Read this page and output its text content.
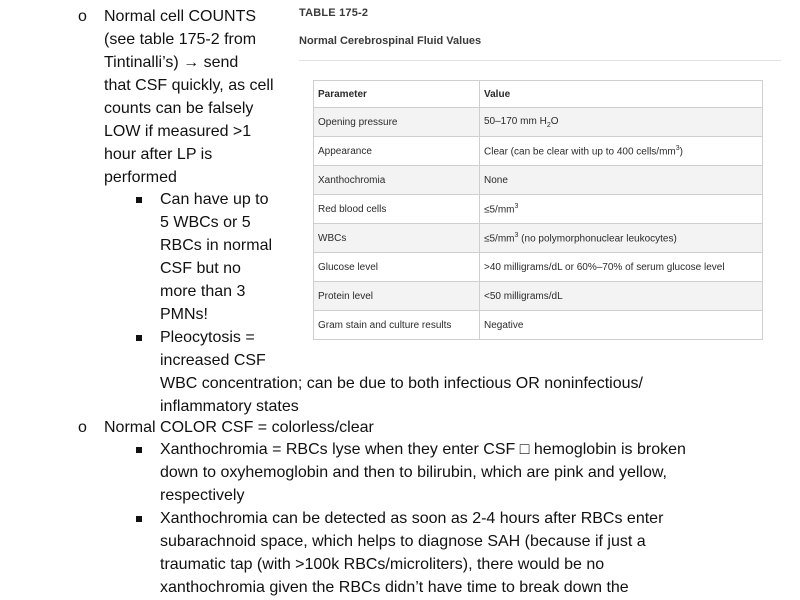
o Normal cell COUNTS
(see table 175-2 from
Tintinalli’s) → send
that CSF quickly, as cell
counts can be falsely
LOW if measured >1
hour after LP is
performed
Can have up to
5 WBCs or 5
RBCs in normal
CSF but no
more than 3
PMNs!
Pleocytosis =
increased CSF
WBC concentration; can be due to both infectious OR noninfectious/
inflammatory states
o Normal COLOR CSF = colorless/clear
Xanthochromia = RBCs lyse when they enter CSF □ hemoglobin is broken
down to oxyhemoglobin and then to bilirubin, which are pink and yellow,
respectively
Xanthochromia can be detected as soon as 2-4 hours after RBCs enter
subarachnoid space, which helps to diagnose SAH (because if just a
traumatic tap (with >100k RBCs/microliters), there would be no
xanthochromia given the RBCs didn’t have time to break down the
TABLE 175-2
Normal Cerebrospinal Fluid Values
Parameter	Value
Opening pressure	50–170 mm $H_2O$
Appearance	Clear (can be clear with up to 400 cells/$mm^3$)
Xanthochromia	None
Red blood cells	$\le 5/mm^3$
WBCs	$\le 5/mm^3$ (no polymorphonuclear leukocytes)
Glucose level	>40 milligrams/dL or 60%–70% of serum glucose level
Protein level	<50 milligrams/dL
Gram stain and culture results	Negative
